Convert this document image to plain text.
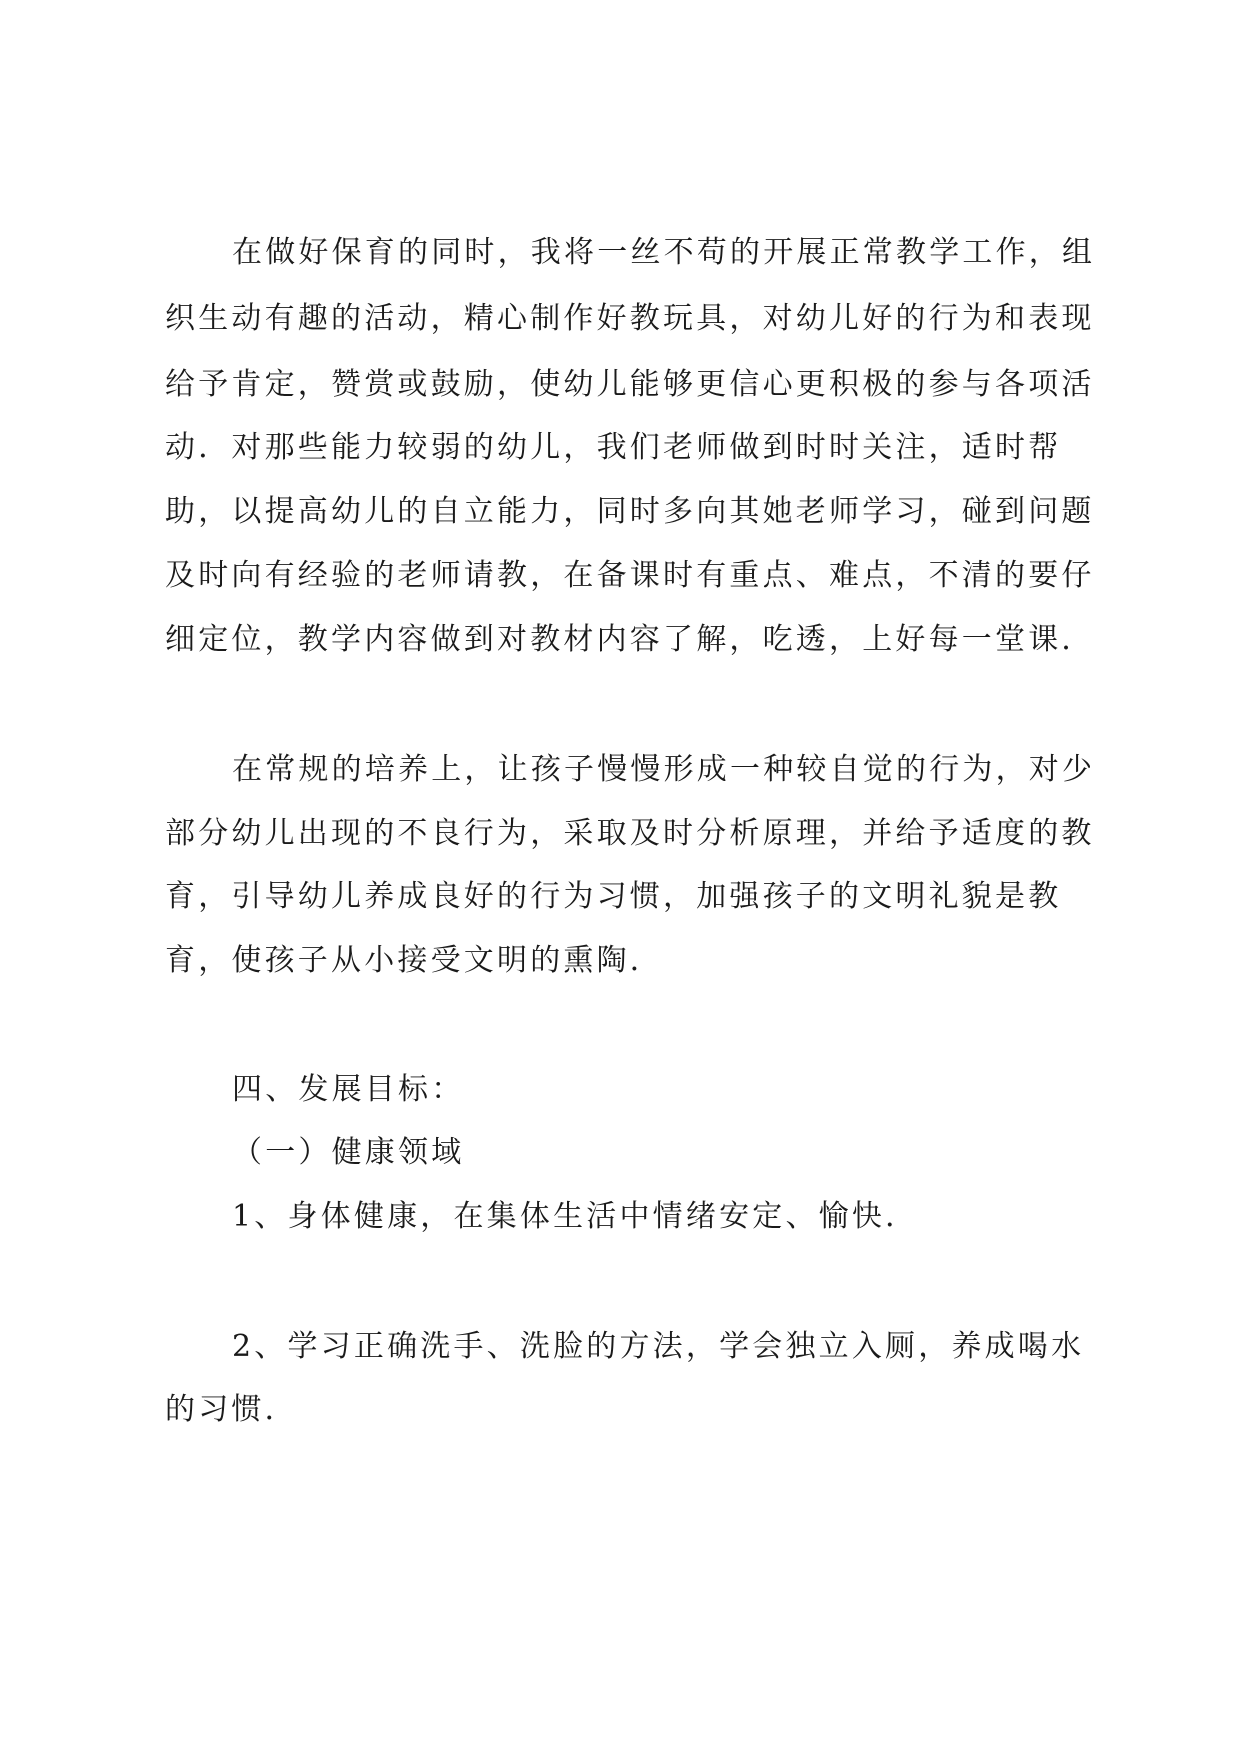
在做好保育的同时，我将一丝不苟的开展正常教学工作，组

织生动有趣的活动，精心制作好教玩具，对幼儿好的行为和表现

给予肯定，赞赏或鼓励，使幼儿能够更信心更积极的参与各项活

动．对那些能力较弱的幼儿，我们老师做到时时关注，适时帮

助，以提高幼儿的自立能力，同时多向其她老师学习，碰到问题

及时向有经验的老师请教，在备课时有重点、难点，不清的要仔

细定位，教学内容做到对教材内容了解，吃透，上好每一堂课．

在常规的培养上，让孩子慢慢形成一种较自觉的行为，对少

部分幼儿出现的不良行为，采取及时分析原理，并给予适度的教

育，引导幼儿养成良好的行为习惯，加强孩子的文明礼貌是教

育，使孩子从小接受文明的熏陶．

四、发展目标：

（一）健康领域

1、身体健康，在集体生活中情绪安定、愉快．

2、学习正确洗手、洗脸的方法，学会独立入厕，养成喝水

的习惯．
